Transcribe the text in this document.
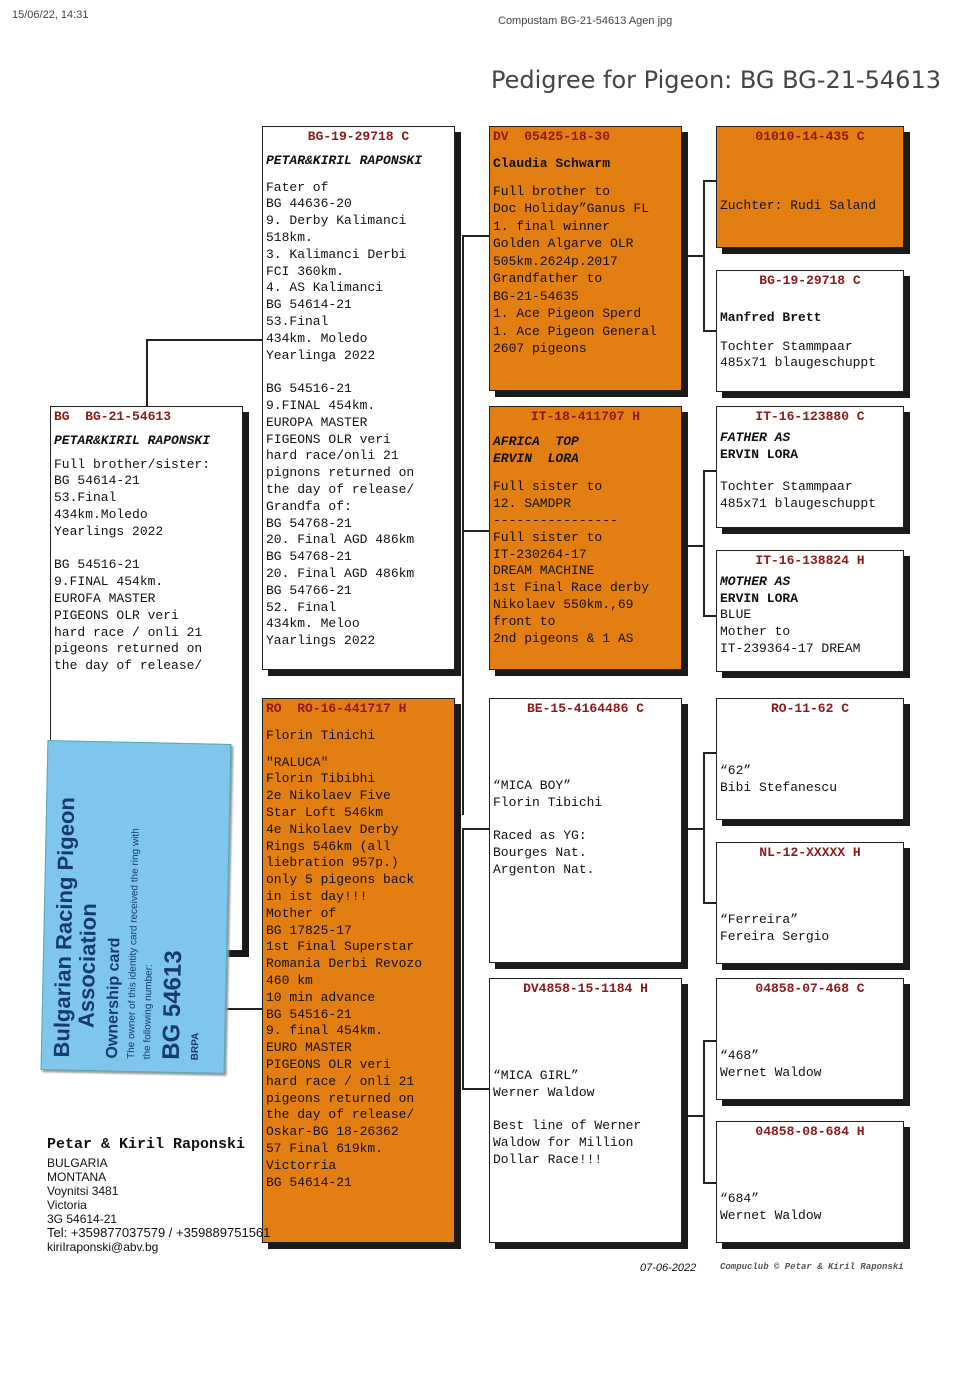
15/06/22, 14:31	Compustam BG-21-54613 Agen jpg
Pedigree for Pigeon: BG BG-21-54613
BG  BG-21-54613
PETAR&KIRIL RAPONSKI
Full brother/sister:
BG 54614-21
53.Final
434km.Moledo
Yearlings 2022

BG 54516-21
9.FINAL 454km.
EUROFA MASTER
PIGEONS OLR veri
hard race / onli 21
pigeons returned on
the day of release/
Bulgarian Racing Pigeon
Association Ownership card The owner of this identity card received the ring with the following number: BG 54613 BRPA
BG-19-29718 C
PETAR&KIRIL RAPONSKI
Fater of
BG 44636-20
9. Derby Kalimanci
518km.
3. Kalimanci Derbi
FCI 360km.
4. AS Kalimanci
BG 54614-21
53.Final
434km. Moledo
Yearlinga 2022

BG 54516-21
9.FINAL 454km.
EUROPA MASTER
FIGEONS OLR veri
hard race/onli 21
pignons returned on
the day of release/
Grandfa of:
BG 54768-21
20. Final AGD 486km
BG 54768-21
20. Final AGD 486km
BG 54766-21
52. Final
434km. Meloo
Yaarlings 2022
RO  RO-16-441717 H
Florin Tinichi
"RALUCA"
Florin Tibibhi
2e Nikolaev Five
Star Loft 546km
4e Nikolaev Derby
Rings 546km (all
liebration 957p.)
only 5 pigeons back
in ist day!!!
Mother of
BG 17825-17
1st Final Superstar
Romania Derbi Revozo
460 km
10 min advance
BG 54516-21
9. final 454km.
EURO MASTER
PIGEONS OLR veri
hard race / onli 21
pigeons returned on
the day of release/
Oskar-BG 18-26362
57 Final 619km.
Victorria
BG 54614-21
DV  05425-18-30
Claudia Schwarm
Full brother to
Doc Holiday”Ganus FL
1. final winner
Golden Algarve OLR
505km.2624p.2017
Grandfather to
BG-21-54635
1. Ace Pigeon Sperd
1. Ace Pigeon General
2607 pigeons
IT-18-411707 H
AFRICA  TOP
ERVIN  LORA
Full sister to
12. SAMDPR
----------------
Full sister to
IT-230264-17
DREAM MACHINE
1st Final Race derby
Nikolaev 550km.,69
front to
2nd pigeons & 1 AS
BE-15-4164486 C
“MICA BOY”
Florin Tibichi

Raced as YG:
Bourges Nat.
Argenton Nat.
DV4858-15-1184 H
“MICA GIRL”
Werner Waldow

Best line of Werner
Waldow for Million
Dollar Race!!!
01010-14-435 C
Zuchter: Rudi Saland
BG-19-29718 C
Manfred Brett
Tochter Stammpaar
485x71 blaugeschuppt
IT-16-123880 C
FATHER AS
ERVIN LORA
Tochter Stammpaar
485x71 blaugeschuppt
IT-16-138824 H
MOTHER AS
ERVIN LORA
BLUE
Mother to
IT-239364-17 DREAM
RO-11-62 C
“62”
Bibi Stefanescu
NL-12-XXXXX H
“Ferreira”
Fereira Sergio
04858-07-468 C
“468”
Wernet Waldow
04858-08-684 H
“684”
Wernet Waldow
Petar & Kiril Raponski
BULGARIA
MONTANA
Voynitsi 3481
Victoria
3G 54614-21
Tel: +359877037579 / +359889751561
kiriIraponski@abv.bg
07-06-2022	Compuclub © Petar & Kiril Raponski
